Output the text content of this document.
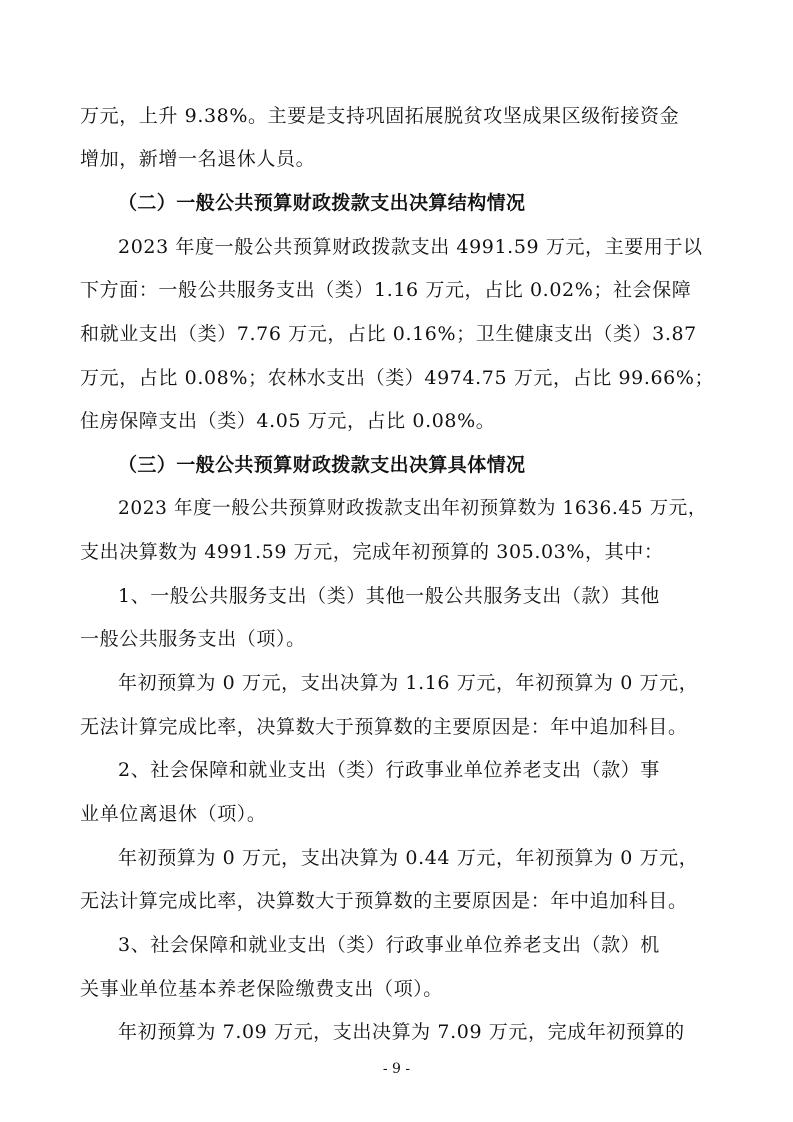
万元，上升 9.38%。主要是支持巩固拓展脱贫攻坚成果区级衔接资金
增加，新增一名退休人员。
（二）一般公共预算财政拨款支出决算结构情况
2023 年度一般公共预算财政拨款支出 4991.59 万元，主要用于以
下方面：一般公共服务支出（类）1.16 万元，占比 0.02%；社会保障
和就业支出（类）7.76 万元，占比 0.16%；卫生健康支出（类）3.87
万元，占比 0.08%；农林水支出（类）4974.75 万元，占比 99.66%；
住房保障支出（类）4.05 万元，占比 0.08%。
（三）一般公共预算财政拨款支出决算具体情况
2023 年度一般公共预算财政拨款支出年初预算数为 1636.45 万元，
支出决算数为 4991.59 万元，完成年初预算的 305.03%，其中：
1、一般公共服务支出（类）其他一般公共服务支出（款）其他
一般公共服务支出（项）。
年初预算为 0 万元，支出决算为 1.16 万元，年初预算为 0 万元，
无法计算完成比率，决算数大于预算数的主要原因是：年中追加科目。
2、社会保障和就业支出（类）行政事业单位养老支出（款）事
业单位离退休（项）。
年初预算为 0 万元，支出决算为 0.44 万元，年初预算为 0 万元，
无法计算完成比率，决算数大于预算数的主要原因是：年中追加科目。
3、社会保障和就业支出（类）行政事业单位养老支出（款）机
关事业单位基本养老保险缴费支出（项）。
年初预算为 7.09 万元，支出决算为 7.09 万元，完成年初预算的
- 9 -
